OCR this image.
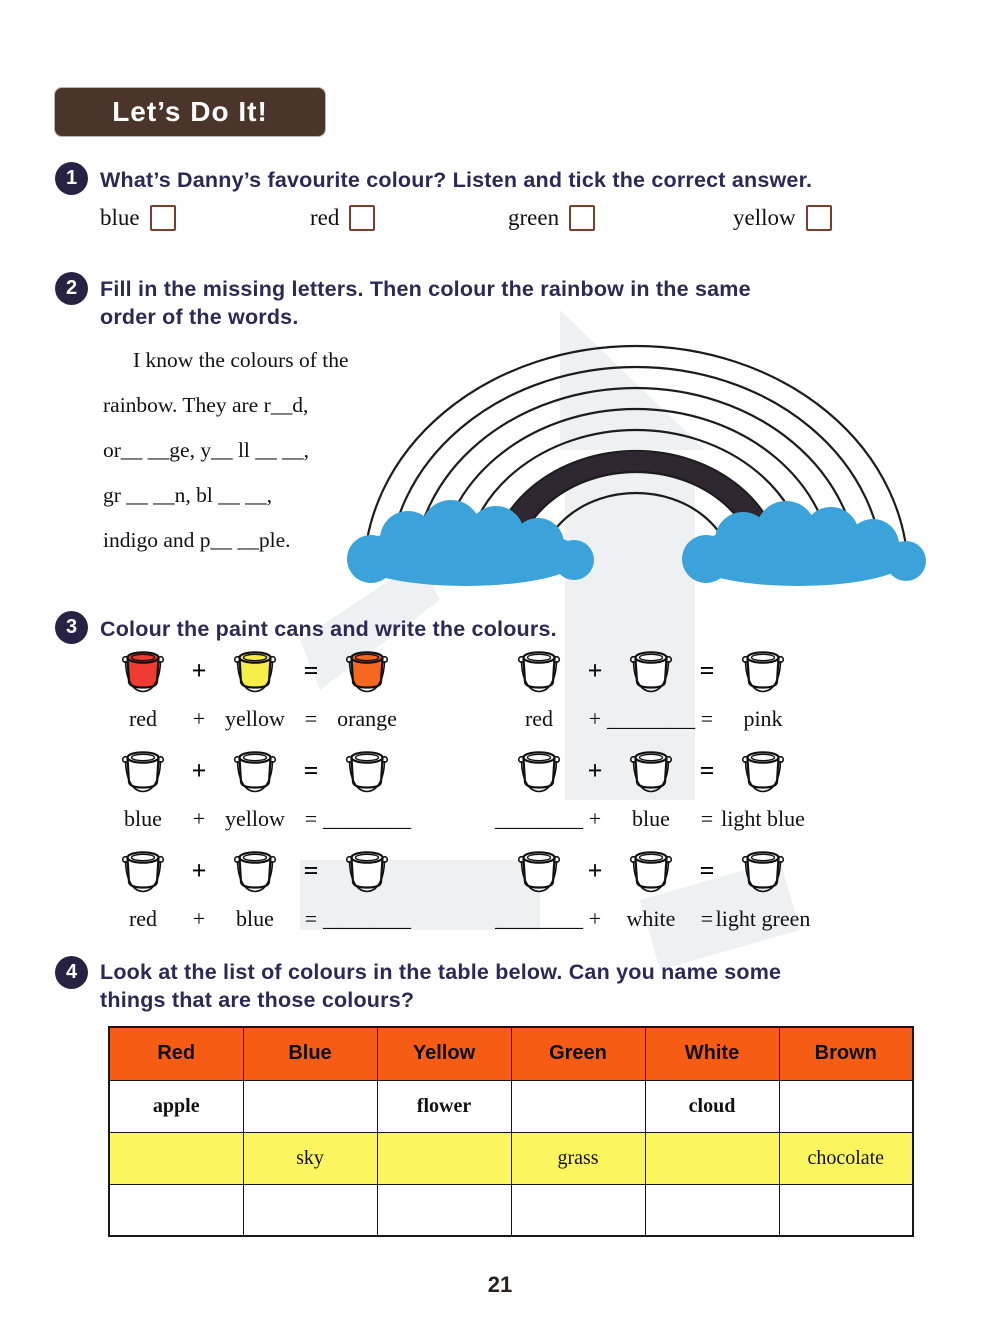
Let’s Do It!
1	What’s Danny’s favourite colour? Listen and tick the correct answer.
blue	red	green	yellow
2	Fill in the missing letters. Then colour the rainbow in the same
order of the words.
I know the colours of the
rainbow. They are r__d,
or__ __ge, y__ ll __ __,
gr __ __n, bl __ __,
indigo and p__ __ple.
3	Colour the paint cans and write the colours.
+	=
red + yellow = orange
+	=
red + ________ = pink
+	=
blue + yellow = ________
+	=
________ + blue = light blue
+	=
red + blue = ________
+	=
________ + white = light green
4	Look at the list of colours in the table below. Can you name some
things that are those colours?
Red	Blue	Yellow	Green	White	Brown
apple		flower		cloud	
	sky		grass		chocolate

21
